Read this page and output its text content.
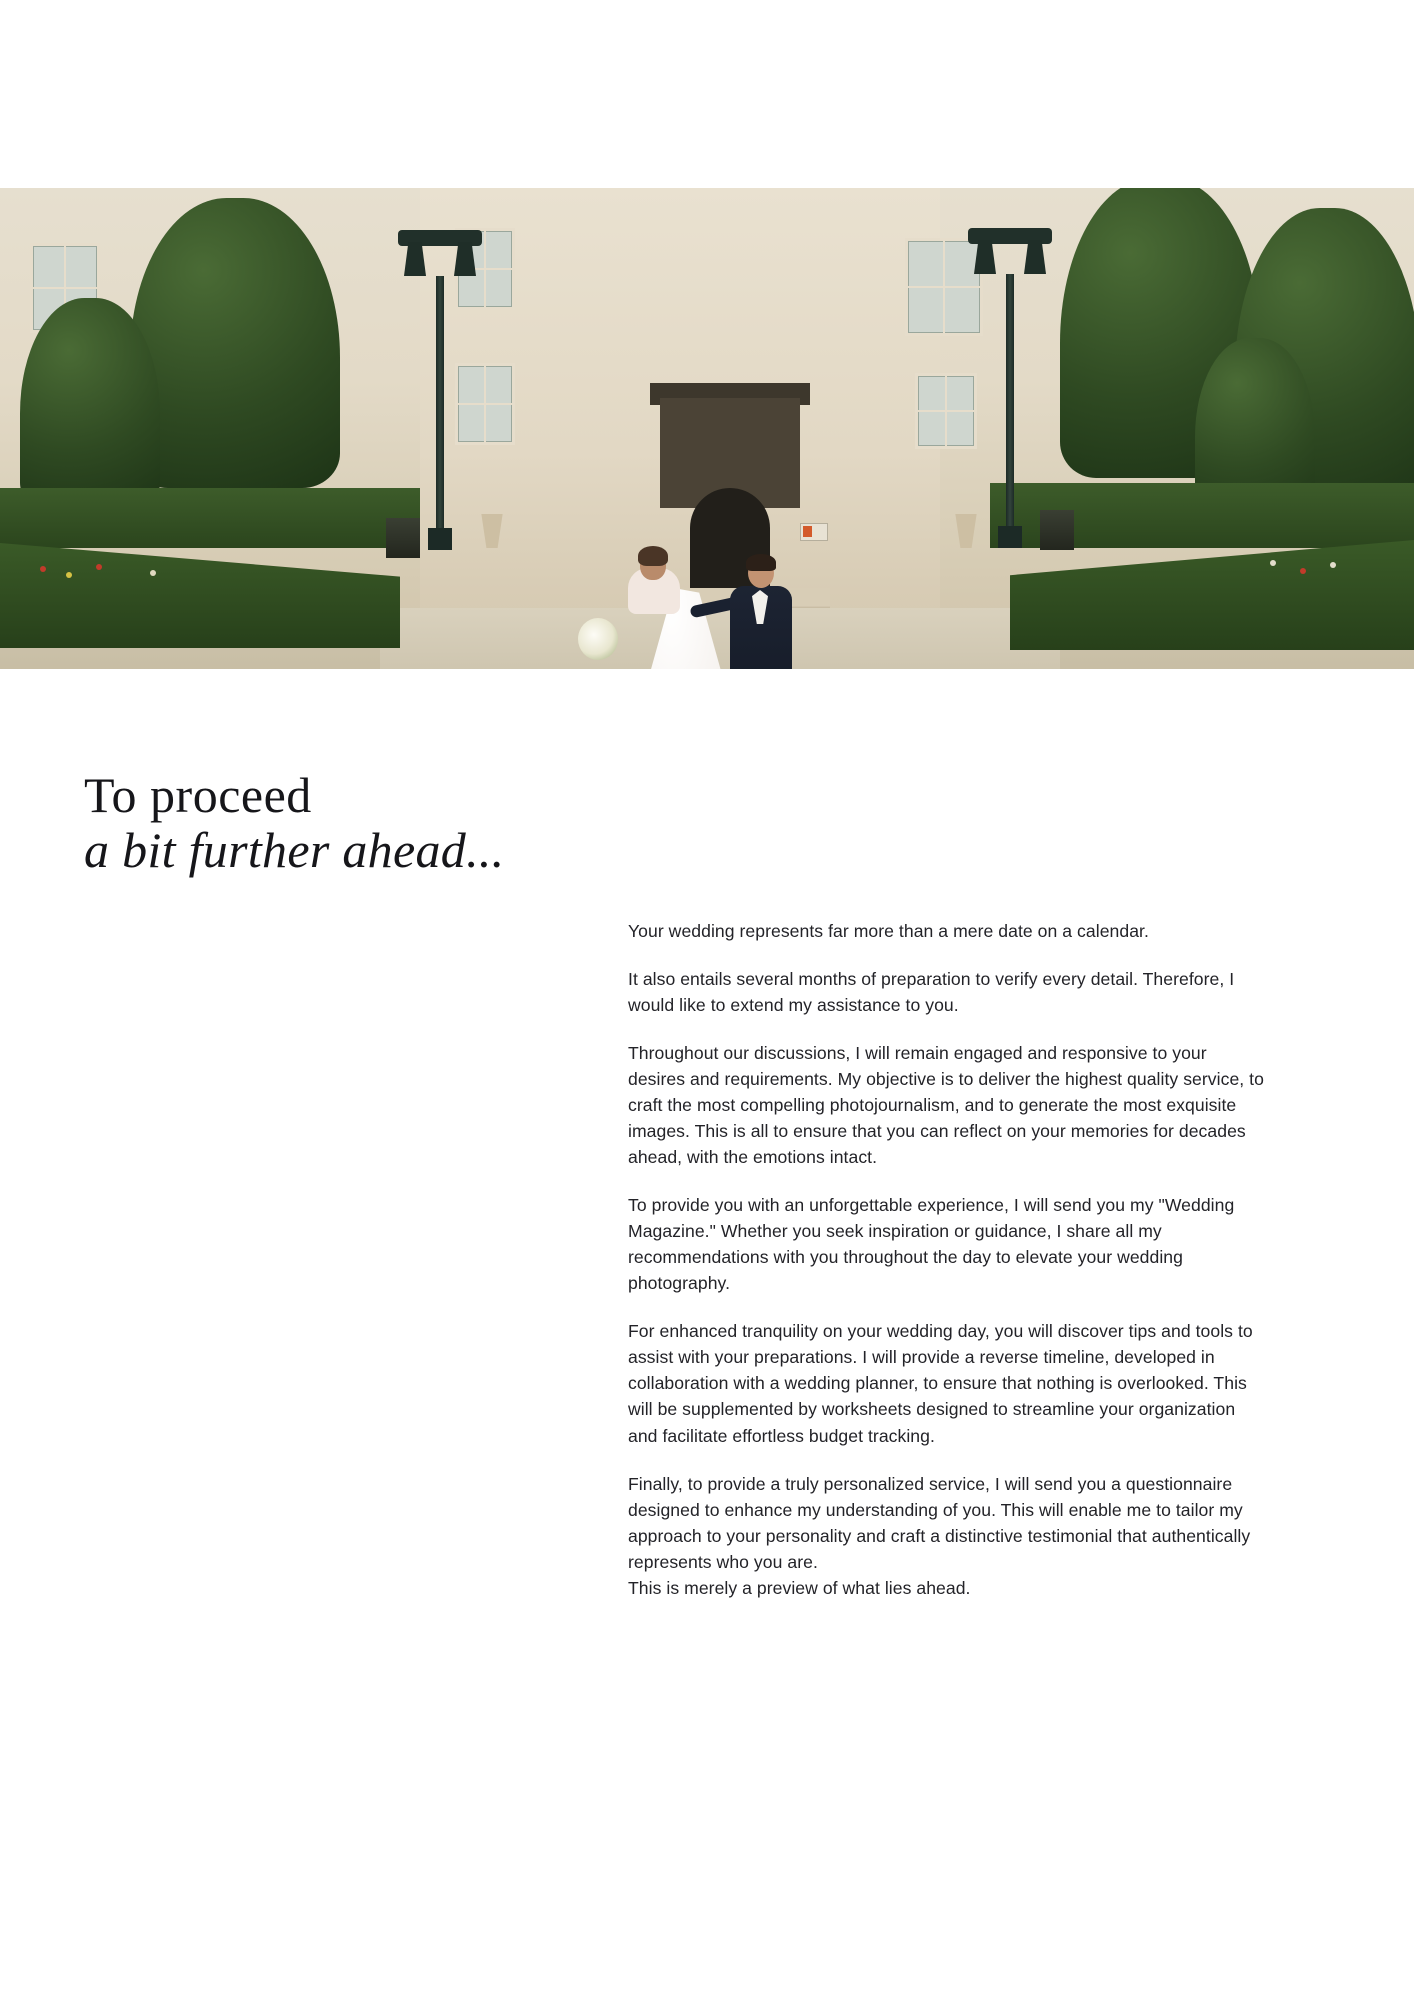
To proceed
a bit further ahead...

Your wedding represents far more than a mere date on a calendar.

It also entails several months of preparation to verify every detail. Therefore, I would like to extend my assistance to you.

Throughout our discussions, I will remain engaged and responsive to your desires and requirements. My objective is to deliver the highest quality service, to craft the most compelling photojournalism, and to generate the most exquisite images. This is all to ensure that you can reflect on your memories for decades ahead, with the emotions intact.

To provide you with an unforgettable experience, I will send you my "Wedding Magazine." Whether you seek inspiration or guidance, I share all my recommendations with you throughout the day to elevate your wedding photography.

For enhanced tranquility on your wedding day, you will discover tips and tools to assist with your preparations. I will provide a reverse timeline, developed in collaboration with a wedding planner, to ensure that nothing is overlooked. This will be supplemented by worksheets designed to streamline your organization and facilitate effortless budget tracking.

Finally, to provide a truly personalized service, I will send you a questionnaire designed to enhance my understanding of you. This will enable me to tailor my approach to your personality and craft a distinctive testimonial that authentically represents who you are.

This is merely a preview of what lies ahead.
